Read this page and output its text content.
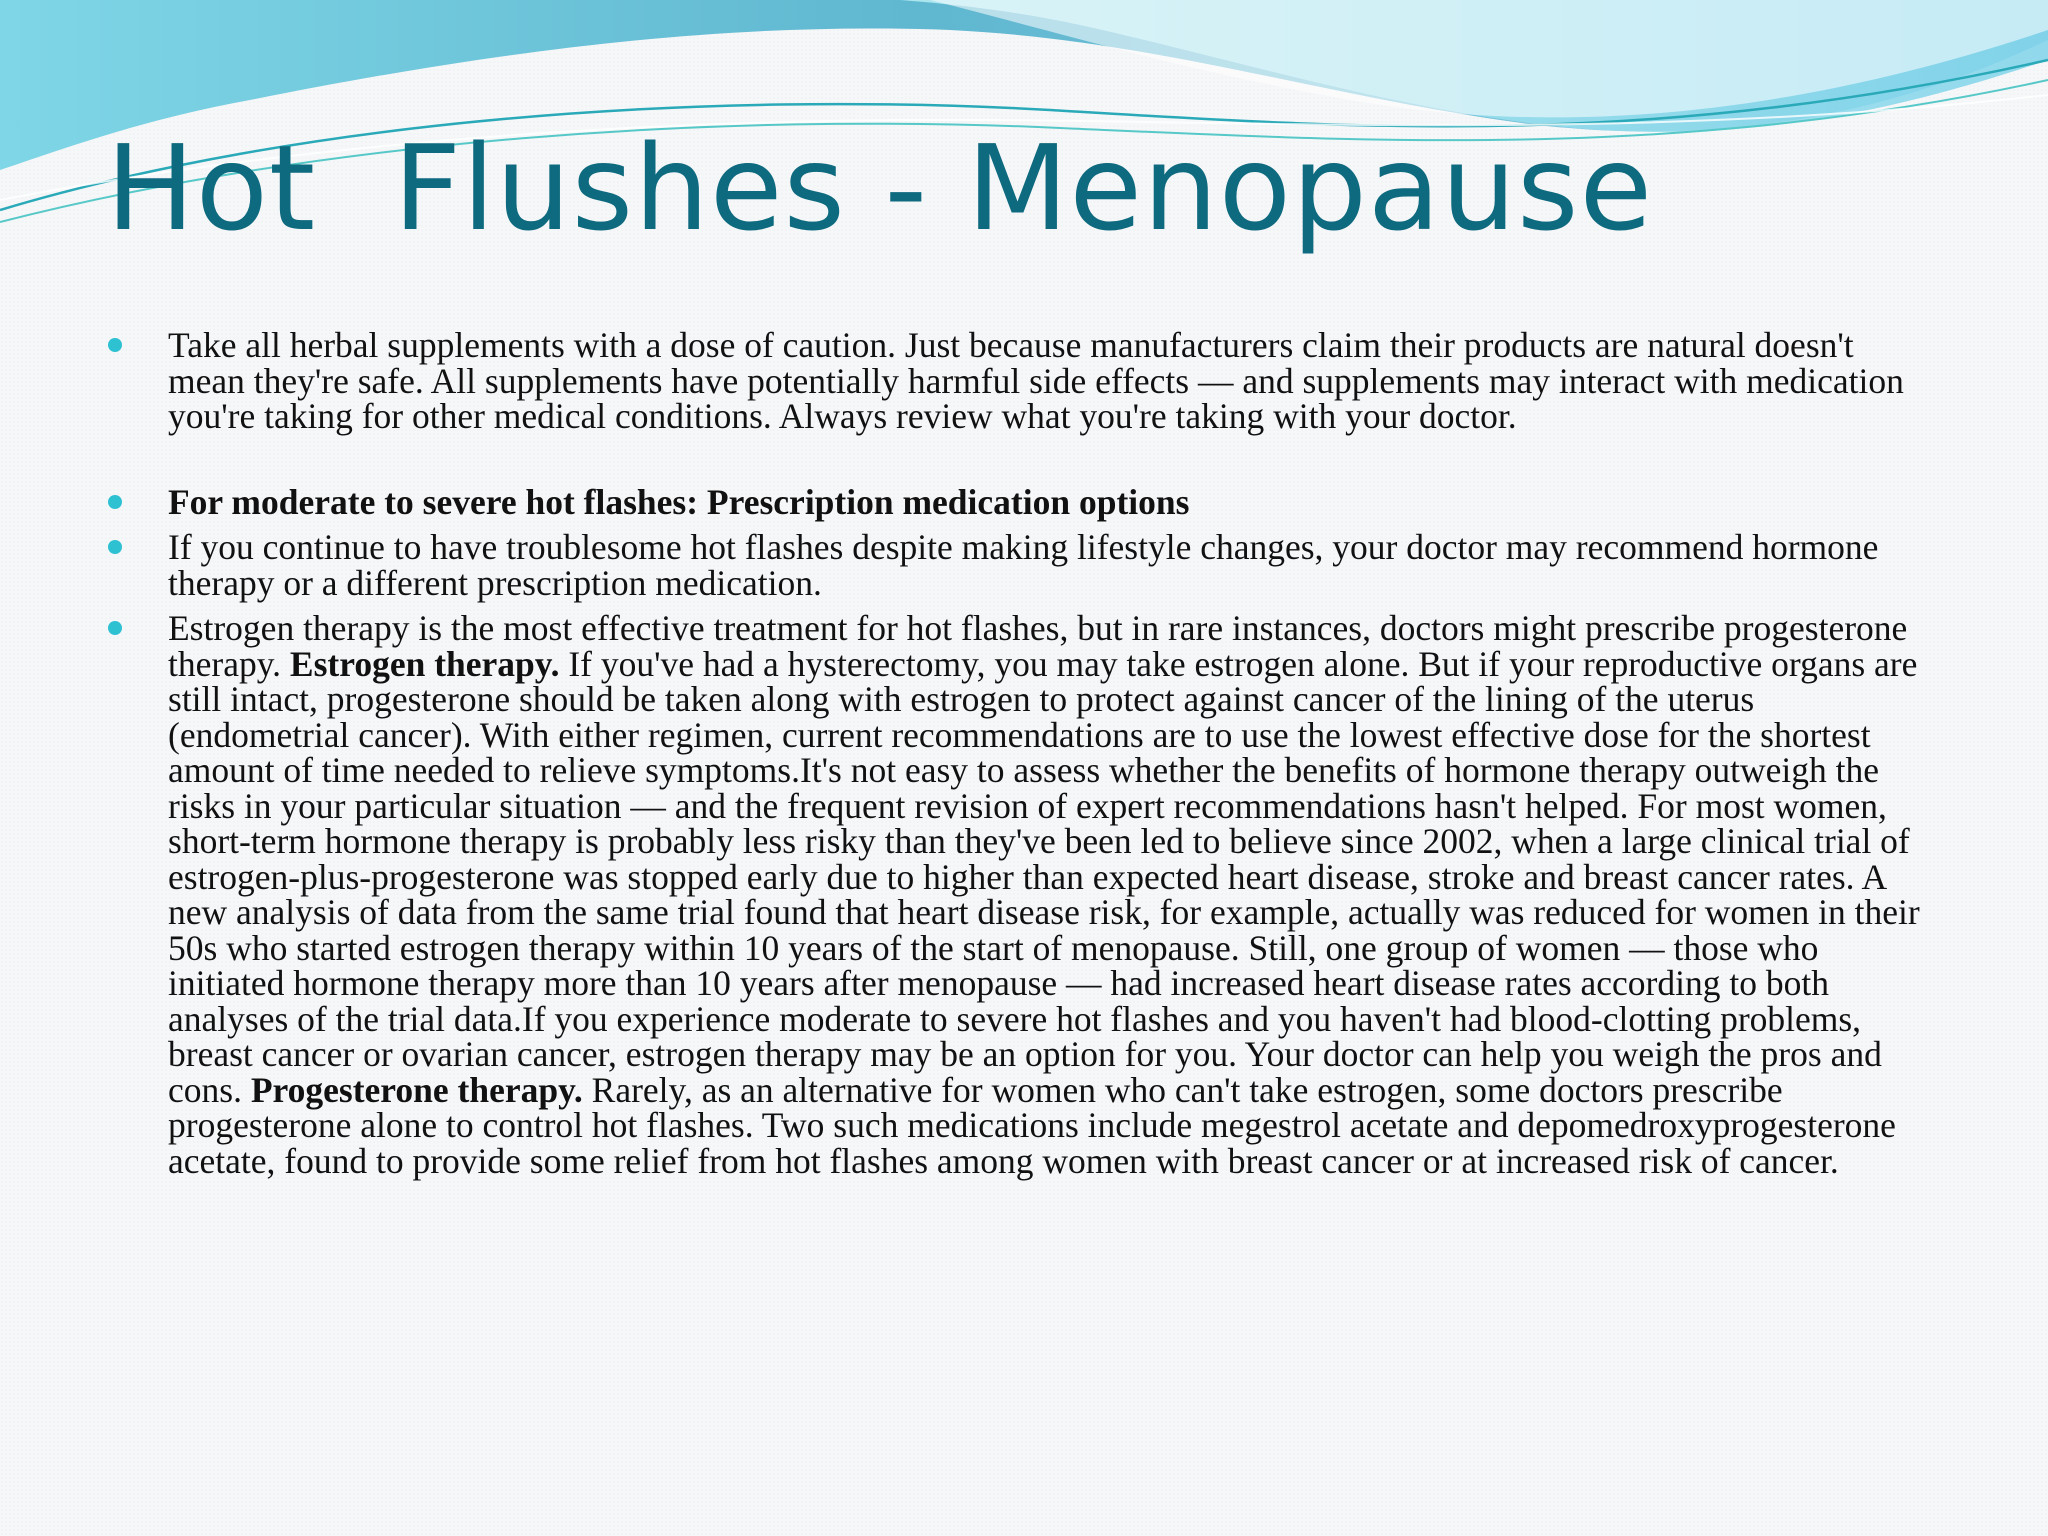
Hot  Flushes - Menopause
Take all herbal supplements with a dose of caution. Just because manufacturers claim their products are natural doesn't mean they're safe. All supplements have potentially harmful side effects — and supplements may interact with medication you're taking for other medical conditions. Always review what you're taking with your doctor.
For moderate to severe hot flashes: Prescription medication options
If you continue to have troublesome hot flashes despite making lifestyle changes, your doctor may recommend hormone therapy or a different prescription medication.
Estrogen therapy is the most effective treatment for hot flashes, but in rare instances, doctors might prescribe progesterone therapy. Estrogen therapy. If you've had a hysterectomy, you may take estrogen alone. But if your reproductive organs are still intact, progesterone should be taken along with estrogen to protect against cancer of the lining of the uterus (endometrial cancer). With either regimen, current recommendations are to use the lowest effective dose for the shortest amount of time needed to relieve symptoms.It's not easy to assess whether the benefits of hormone therapy outweigh the risks in your particular situation — and the frequent revision of expert recommendations hasn't helped. For most women, short-term hormone therapy is probably less risky than they've been led to believe since 2002, when a large clinical trial of estrogen-plus-progesterone was stopped early due to higher than expected heart disease, stroke and breast cancer rates. A new analysis of data from the same trial found that heart disease risk, for example, actually was reduced for women in their 50s who started estrogen therapy within 10 years of the start of menopause. Still, one group of women — those who initiated hormone therapy more than 10 years after menopause — had increased heart disease rates according to both analyses of the trial data.If you experience moderate to severe hot flashes and you haven't had blood-clotting problems, breast cancer or ovarian cancer, estrogen therapy may be an option for you. Your doctor can help you weigh the pros and cons. Progesterone therapy. Rarely, as an alternative for women who can't take estrogen, some doctors prescribe progesterone alone to control hot flashes. Two such medications include megestrol acetate and depomedroxyprogesterone acetate, found to provide some relief from hot flashes among women with breast cancer or at increased risk of cancer.
